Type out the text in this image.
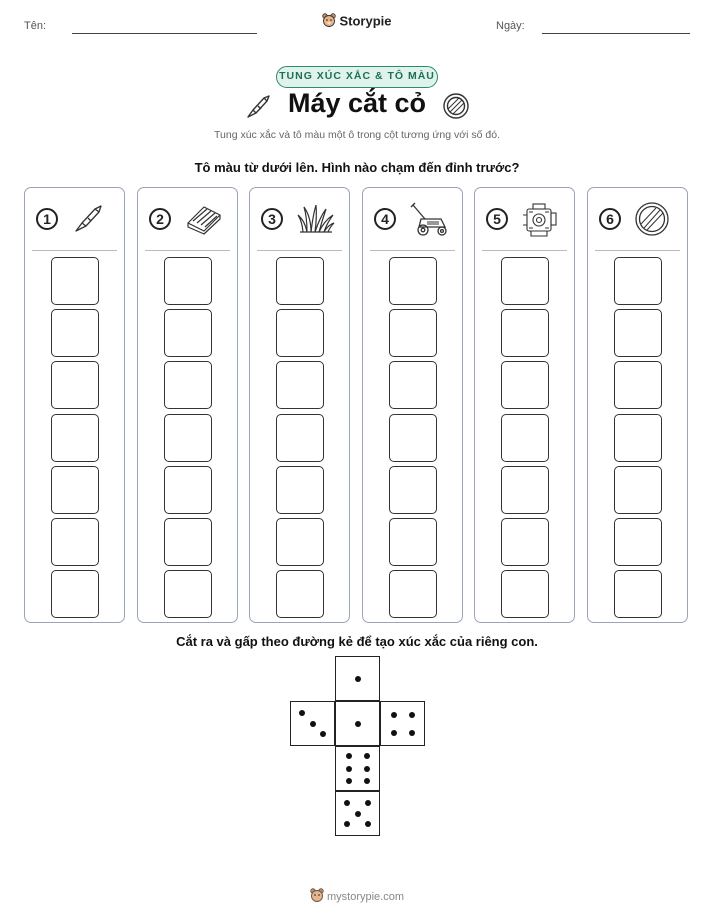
Tên:	Storypie	Ngày:
TUNG XÚC XẮC & TÔ MÀU
Máy cắt cỏ
Tung xúc xắc và tô màu một ô trong cột tương ứng với số đó.
Tô màu từ dưới lên. Hình nào chạm đến đỉnh trước?
1	2	3	4	5	6
Cắt ra và gấp theo đường kẻ để tạo xúc xắc của riêng con.
mystorypie.com
